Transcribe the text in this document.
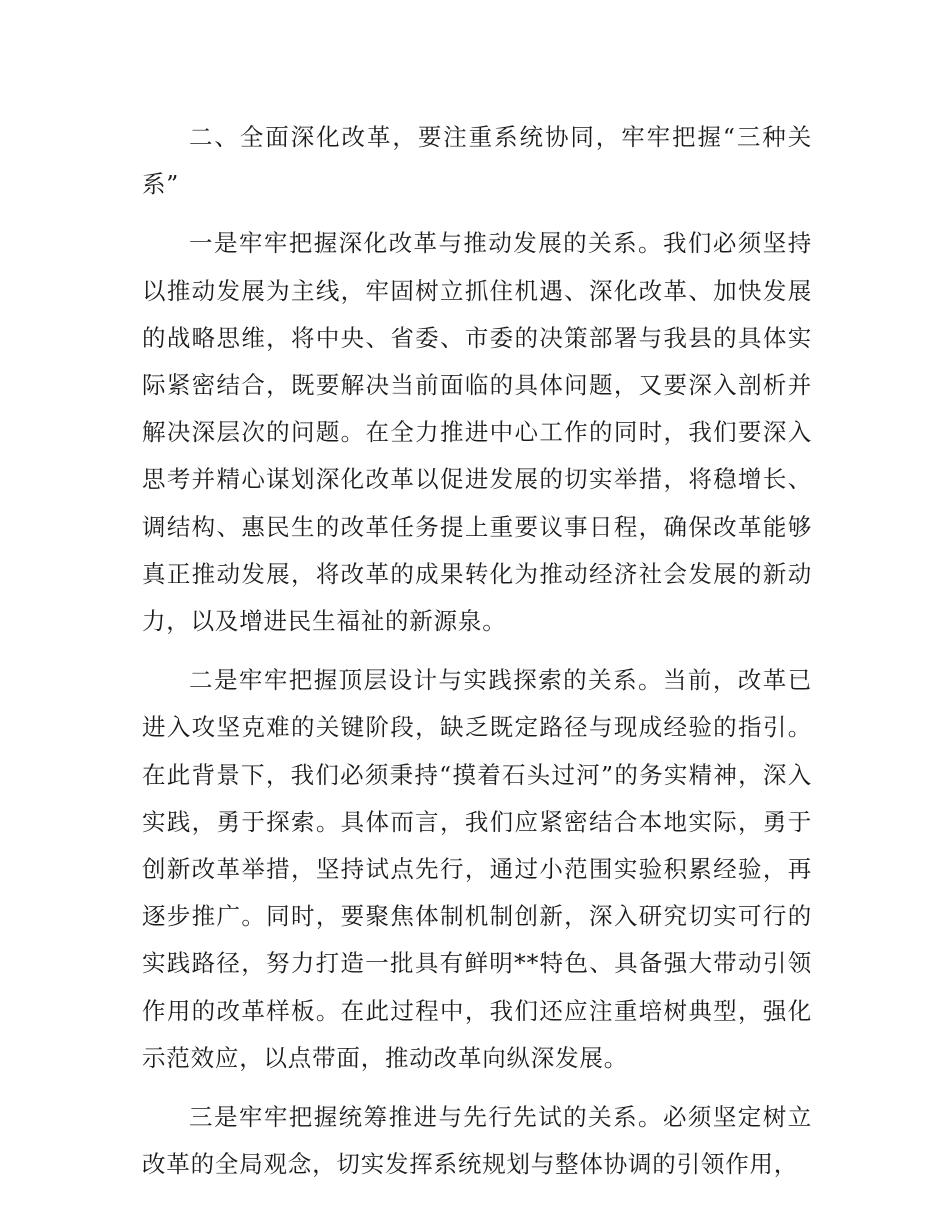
二、全面深化改革，要注重系统协同，牢牢把握“三种关系”

一是牢牢把握深化改革与推动发展的关系。我们必须坚持以推动发展为主线，牢固树立抓住机遇、深化改革、加快发展的战略思维，将中央、省委、市委的决策部署与我县的具体实际紧密结合，既要解决当前面临的具体问题，又要深入剖析并解决深层次的问题。在全力推进中心工作的同时，我们要深入思考并精心谋划深化改革以促进发展的切实举措，将稳增长、调结构、惠民生的改革任务提上重要议事日程，确保改革能够真正推动发展，将改革的成果转化为推动经济社会发展的新动力，以及增进民生福祉的新源泉。

二是牢牢把握顶层设计与实践探索的关系。当前，改革已进入攻坚克难的关键阶段，缺乏既定路径与现成经验的指引。在此背景下，我们必须秉持“摸着石头过河”的务实精神，深入实践，勇于探索。具体而言，我们应紧密结合本地实际，勇于创新改革举措，坚持试点先行，通过小范围实验积累经验，再逐步推广。同时，要聚焦体制机制创新，深入研究切实可行的实践路径，努力打造一批具有鲜明**特色、具备强大带动引领作用的改革样板。在此过程中，我们还应注重培树典型，强化示范效应，以点带面，推动改革向纵深发展。

三是牢牢把握统筹推进与先行先试的关系。必须坚定树立改革的全局观念，切实发挥系统规划与整体协调的引领作用，
